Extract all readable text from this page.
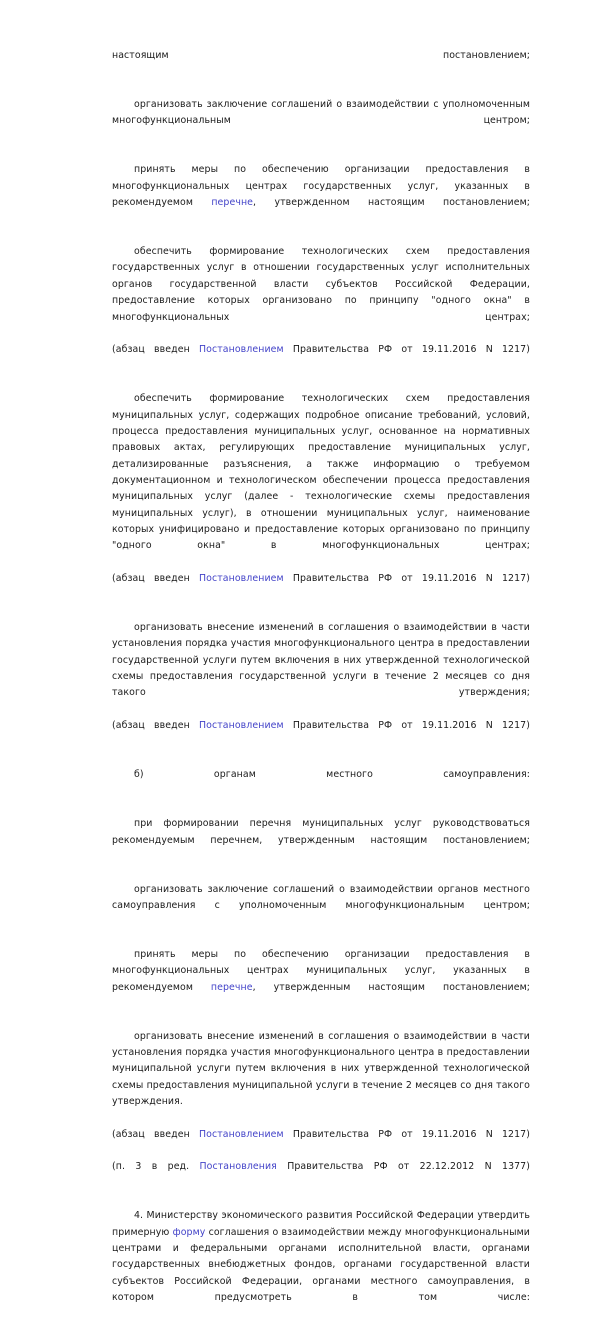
настоящим постановлением;

организовать заключение соглашений о взаимодействии с уполномоченным многофункциональным центром;

принять меры по обеспечению организации предоставления в многофункциональных центрах государственных услуг, указанных в рекомендуемом перечне, утвержденном настоящим постановлением;

обеспечить формирование технологических схем предоставления государственных услуг в отношении государственных услуг исполнительных органов государственной власти субъектов Российской Федерации, предоставление которых организовано по принципу "одного окна" в многофункциональных центрах;

(абзац введен Постановлением Правительства РФ от 19.11.2016 N 1217)

обеспечить формирование технологических схем предоставления муниципальных услуг, содержащих подробное описание требований, условий, процесса предоставления муниципальных услуг, основанное на нормативных правовых актах, регулирующих предоставление муниципальных услуг, детализированные разъяснения, а также информацию о требуемом документационном и технологическом обеспечении процесса предоставления муниципальных услуг (далее - технологические схемы предоставления муниципальных услуг), в отношении муниципальных услуг, наименование которых унифицировано и предоставление которых организовано по принципу "одного окна" в многофункциональных центрах;

(абзац введен Постановлением Правительства РФ от 19.11.2016 N 1217)

организовать внесение изменений в соглашения о взаимодействии в части установления порядка участия многофункционального центра в предоставлении государственной услуги путем включения в них утвержденной технологической схемы предоставления государственной услуги в течение 2 месяцев со дня такого утверждения;

(абзац введен Постановлением Правительства РФ от 19.11.2016 N 1217)

б) органам местного самоуправления:

при формировании перечня муниципальных услуг руководствоваться рекомендуемым перечнем, утвержденным настоящим постановлением;

организовать заключение соглашений о взаимодействии органов местного самоуправления с уполномоченным многофункциональным центром;

принять меры по обеспечению организации предоставления в многофункциональных центрах муниципальных услуг, указанных в рекомендуемом перечне, утвержденным настоящим постановлением;

организовать внесение изменений в соглашения о взаимодействии в части установления порядка участия многофункционального центра в предоставлении муниципальной услуги путем включения в них утвержденной технологической схемы предоставления муниципальной услуги в течение 2 месяцев со дня такого утверждения.

(абзац введен Постановлением Правительства РФ от 19.11.2016 N 1217)

(п. 3 в ред. Постановления Правительства РФ от 22.12.2012 N 1377)

4. Министерству экономического развития Российской Федерации утвердить примерную форму соглашения о взаимодействии между многофункциональными центрами и федеральными органами исполнительной власти, органами государственных внебюджетных фондов, органами государственной власти субъектов Российской Федерации, органами местного самоуправления, в котором предусмотреть в том числе:
